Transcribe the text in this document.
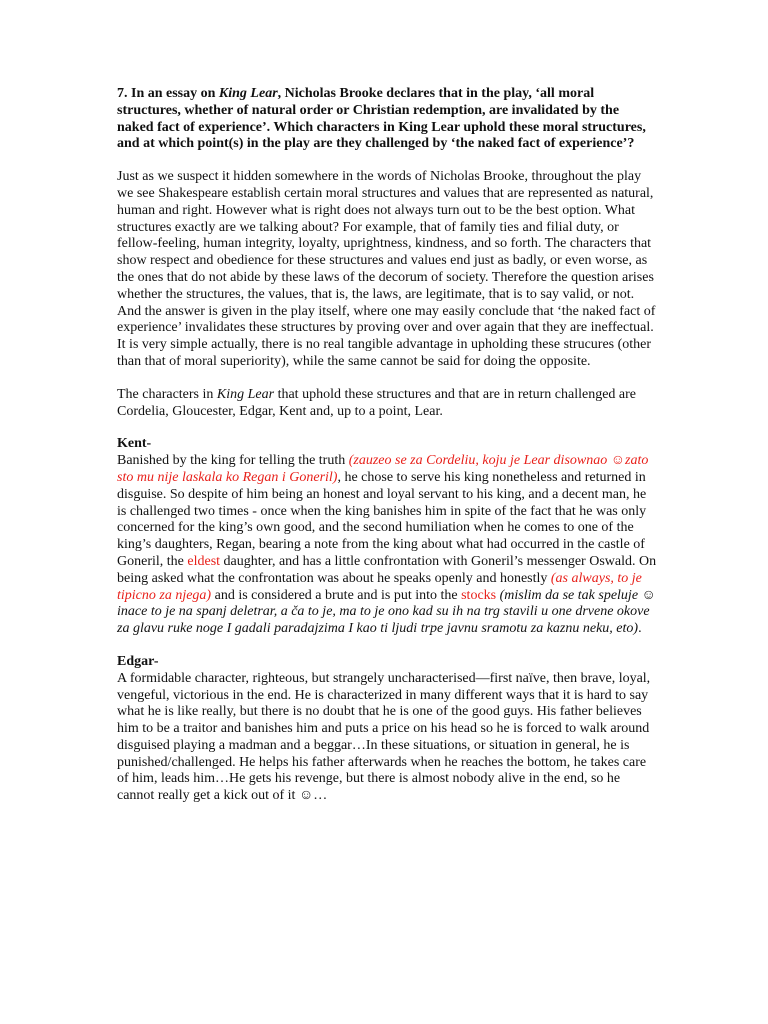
7. In an essay on King Lear, Nicholas Brooke declares that in the play, ‘all moral structures, whether of natural order or Christian redemption, are invalidated by the naked fact of experience’. Which characters in King Lear uphold these moral structures, and at which point(s) in the play are they challenged by ‘the naked fact of experience’?

Just as we suspect it hidden somewhere in the words of Nicholas Brooke, throughout the play we see Shakespeare establish certain moral structures and values that are represented as natural, human and right. However what is right does not always turn out to be the best option. What structures exactly are we talking about? For example, that of family ties and filial duty, or fellow-feeling, human integrity, loyalty, uprightness, kindness, and so forth. The characters that show respect and obedience for these structures and values end just as badly, or even worse, as the ones that do not abide by these laws of the decorum of society. Therefore the question arises whether the structures, the values, that is, the laws, are legitimate, that is to say valid, or not. And the answer is given in the play itself, where one may easily conclude that ‘the naked fact of experience’ invalidates these structures by proving over and over again that they are ineffectual. It is very simple actually, there is no real tangible advantage in upholding these strucures (other than that of moral superiority), while the same cannot be said for doing the opposite.

The characters in King Lear that uphold these structures and that are in return challenged are Cordelia, Gloucester, Edgar, Kent and, up to a point, Lear.

Kent-

Banished by the king for telling the truth (zauzeo se za Cordeliu, koju je Lear disownao ☺zato sto mu nije laskala ko Regan i Goneril), he chose to serve his king nonetheless and returned in disguise. So despite of him being an honest and loyal servant to his king, and a decent man, he is challenged two times - once when the king banishes him in spite of the fact that he was only concerned for the king’s own good, and the second humiliation when he comes to one of the king’s daughters, Regan, bearing a note from the king about what had occurred in the castle of Goneril, the eldest daughter, and has a little confrontation with Goneril’s messenger Oswald. On being asked what the confrontation was about he speaks openly and honestly (as always, to je tipicno za njega) and is considered a brute and is put into the stocks (mislim da se tak speluje ☺inace to je na spanj deletrar, a ča to je, ma to je ono kad su ih na trg stavili u one drvene okove za glavu ruke noge I gadali paradajzima I kao ti ljudi trpe javnu sramotu za kaznu neku, eto).

Edgar-

A formidable character, righteous, but strangely uncharacterised—first naïve, then brave, loyal, vengeful, victorious in the end. He is characterized in many different ways that it is hard to say what he is like really, but there is no doubt that he is one of the good guys. His father believes him to be a traitor and banishes him and puts a price on his head so he is forced to walk around disguised playing a madman and a beggar…In these situations, or situation in general, he is punished/challenged. He helps his father afterwards when he reaches the bottom, he takes care of him, leads him…He gets his revenge, but there is almost nobody alive in the end, so he cannot really get a kick out of it ☺…
